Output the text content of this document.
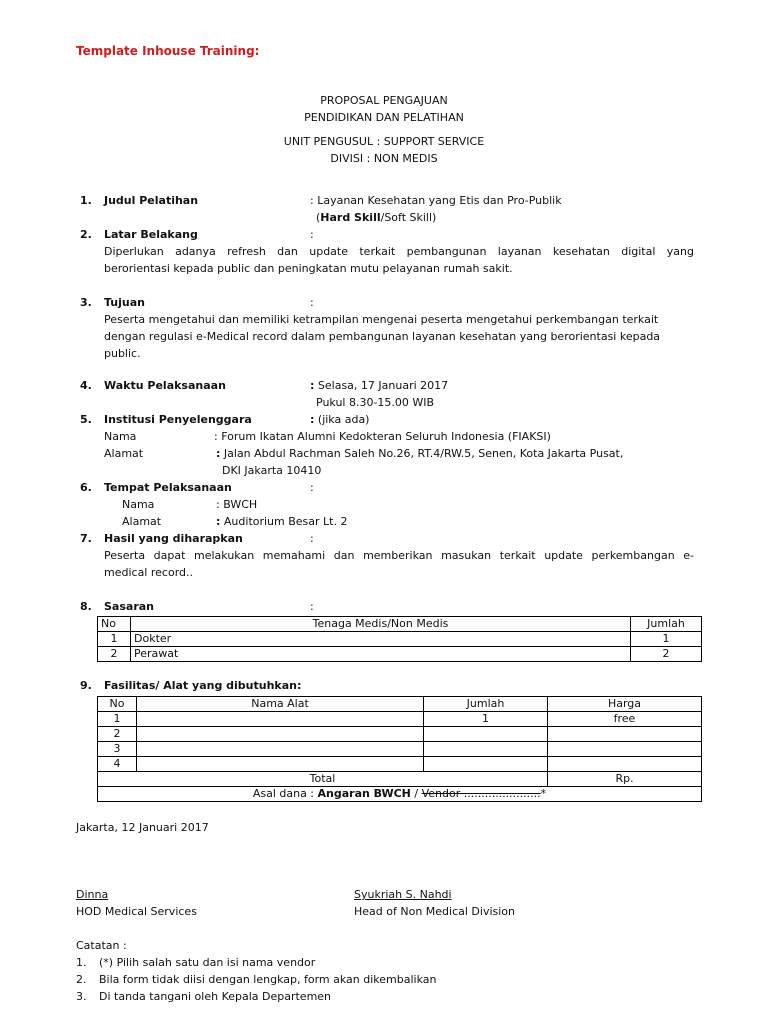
Template Inhouse Training:
PROPOSAL PENGAJUAN
PENDIDIKAN DAN PELATIHAN
UNIT PENGUSUL : SUPPORT SERVICE
DIVISI : NON MEDIS
1. Judul Pelatihan	: Layanan Kesehatan yang Etis dan Pro-Publik
(Hard Skill/Soft Skill)
2. Latar Belakang	:
Diperlukan adanya refresh dan update terkait pembangunan layanan kesehatan digital yang
berorientasi kepada public dan peningkatan mutu pelayanan rumah sakit.
3. Tujuan	:
Peserta mengetahui dan memiliki ketrampilan mengenai peserta mengetahui perkembangan terkait
dengan regulasi e-Medical record dalam pembangunan layanan kesehatan yang berorientasi kepada
public.
4. Waktu Pelaksanaan	: Selasa, 17 Januari 2017
Pukul 8.30-15.00 WIB
5. Institusi Penyelenggara	: (jika ada)
Nama	: Forum Ikatan Alumni Kedokteran Seluruh Indonesia (FIAKSI)
Alamat	: Jalan Abdul Rachman Saleh No.26, RT.4/RW.5, Senen, Kota Jakarta Pusat,
DKI Jakarta 10410
6. Tempat Pelaksanaan	:
Nama	: BWCH
Alamat	: Auditorium Besar Lt. 2
7. Hasil yang diharapkan	:
Peserta dapat melakukan memahami dan memberikan masukan terkait update perkembangan e-
medical record..
8. Sasaran	:
No	Tenaga Medis/Non Medis	Jumlah
1	Dokter	1
2	Perawat	2
9. Fasilitas/ Alat yang dibutuhkan:
No	Nama Alat	Jumlah	Harga
1		1	free
2			
3			
4			
Total			Rp.
Asal dana : Angaran BWCH / Vendor ......................*			
Jakarta, 12 Januari 2017
Dinna
HOD Medical Services
Syukriah S. Nahdi
Head of Non Medical Division
Catatan :
1. (*) Pilih salah satu dan isi nama vendor
2. Bila form tidak diisi dengan lengkap, form akan dikembalikan
3. Di tanda tangani oleh Kepala Departemen
